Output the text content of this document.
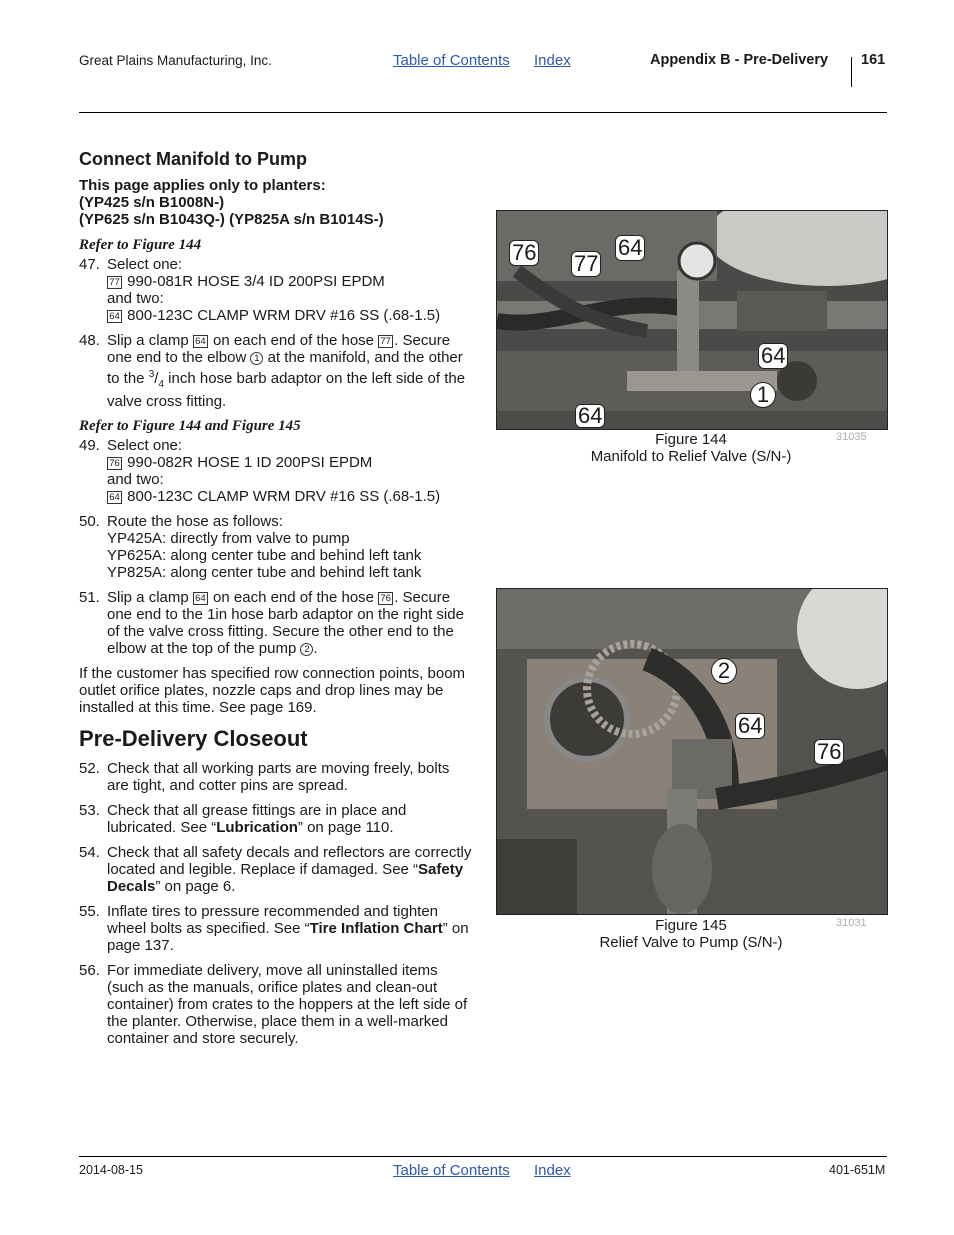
Great Plains Manufacturing, Inc.	Table of Contents Index	Appendix B - Pre-Delivery 161
Connect Manifold to Pump
This page applies only to planters:
(YP425 s/n B1008N-)
(YP625 s/n B1043Q-) (YP825A s/n B1014S-)
Refer to Figure 144
47. Select one:
77 990-081R HOSE 3/4 ID 200PSI EPDM
and two:
64 800-123C CLAMP WRM DRV #16 SS (.68-1.5)
48. Slip a clamp 64 on each end of the hose 77 . Secure one end to the elbow 1 at the manifold, and the other to the $^3/_4$ inch hose barb adaptor on the left side of the valve cross fitting.
Refer to Figure 144 and Figure 145
49. Select one:
76 990-082R HOSE 1 ID 200PSI EPDM
and two:
64 800-123C CLAMP WRM DRV #16 SS (.68-1.5)
50. Route the hose as follows:
YP425A: directly from valve to pump
YP625A: along center tube and behind left tank
YP825A: along center tube and behind left tank
51. Slip a clamp 64 on each end of the hose 76 . Secure one end to the 1in hose barb adaptor on the right side of the valve cross fitting. Secure the other end to the elbow at the top of the pump 2 .
If the customer has specified row connection points, boom outlet orifice plates, nozzle caps and drop lines may be installed at this time. See page 169.
Pre-Delivery Closeout
52. Check that all working parts are moving freely, bolts are tight, and cotter pins are spread.
53. Check that all grease fittings are in place and lubricated. See “Lubrication” on page 110.
54. Check that all safety decals and reflectors are correctly located and legible. Replace if damaged. See “Safety Decals” on page 6.
55. Inflate tires to pressure recommended and tighten wheel bolts as specified. See “Tire Inflation Chart” on page 137.
56. For immediate delivery, move all uninstalled items (such as the manuals, orifice plates and clean-out container) from crates to the hoppers at the left side of the planter. Otherwise, place them in a well-marked container and store securely.
76 77
64
64
1
64
Figure 144
Manifold to Relief Valve (S/N-)
31035
2
64
76
Figure 145
Relief Valve to Pump (S/N-)
31031
2014-08-15	Table of Contents Index	401-651M
